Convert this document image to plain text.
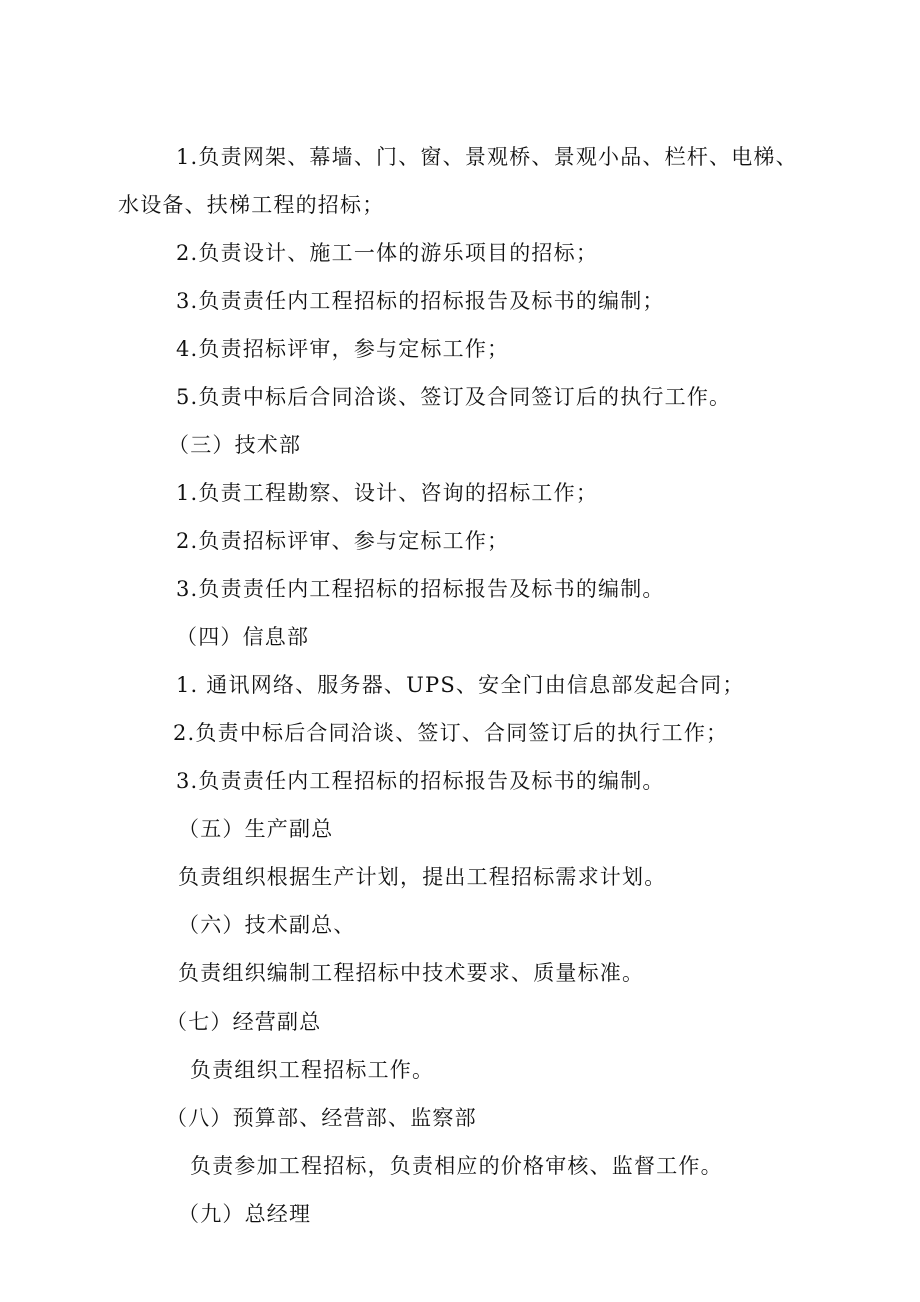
1.负责网架、幕墙、门、窗、景观桥、景观小品、栏杆、电梯、
水设备、扶梯工程的招标；
2.负责设计、施工一体的游乐项目的招标；
3.负责责任内工程招标的招标报告及标书的编制；
4.负责招标评审，参与定标工作；
5.负责中标后合同洽谈、签订及合同签订后的执行工作。
（三）技术部
1.负责工程勘察、设计、咨询的招标工作；
2.负责招标评审、参与定标工作；
3.负责责任内工程招标的招标报告及标书的编制。
（四）信息部
1. 通讯网络、服务器、UPS、安全门由信息部发起合同；
2.负责中标后合同洽谈、签订、合同签订后的执行工作；
3.负责责任内工程招标的招标报告及标书的编制。
（五）生产副总
负责组织根据生产计划，提出工程招标需求计划。
（六）技术副总、
负责组织编制工程招标中技术要求、质量标准。
（七）经营副总
负责组织工程招标工作。
（八）预算部、经营部、监察部
负责参加工程招标，负责相应的价格审核、监督工作。
（九）总经理
